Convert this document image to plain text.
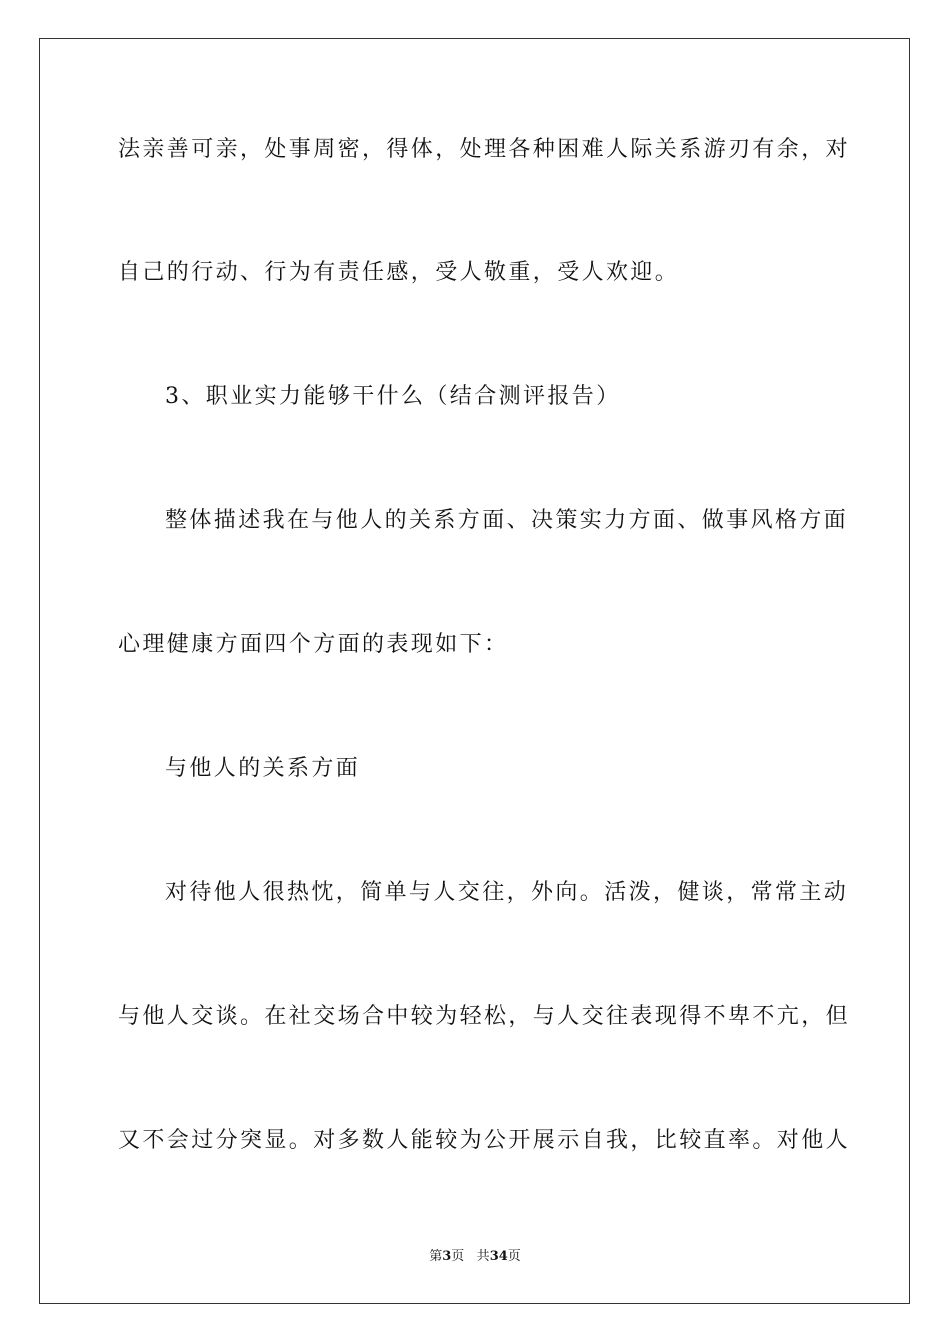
法亲善可亲，处事周密，得体，处理各种困难人际关系游刃有余，对
自己的行动、行为有责任感，受人敬重，受人欢迎。
3、职业实力能够干什么（结合测评报告）
整体描述我在与他人的关系方面、决策实力方面、做事风格方面
心理健康方面四个方面的表现如下：
与他人的关系方面
对待他人很热忱，简单与人交往，外向。活泼，健谈，常常主动
与他人交谈。在社交场合中较为轻松，与人交往表现得不卑不亢，但
又不会过分突显。对多数人能较为公开展示自我，比较直率。对他人
第3页 共34页
